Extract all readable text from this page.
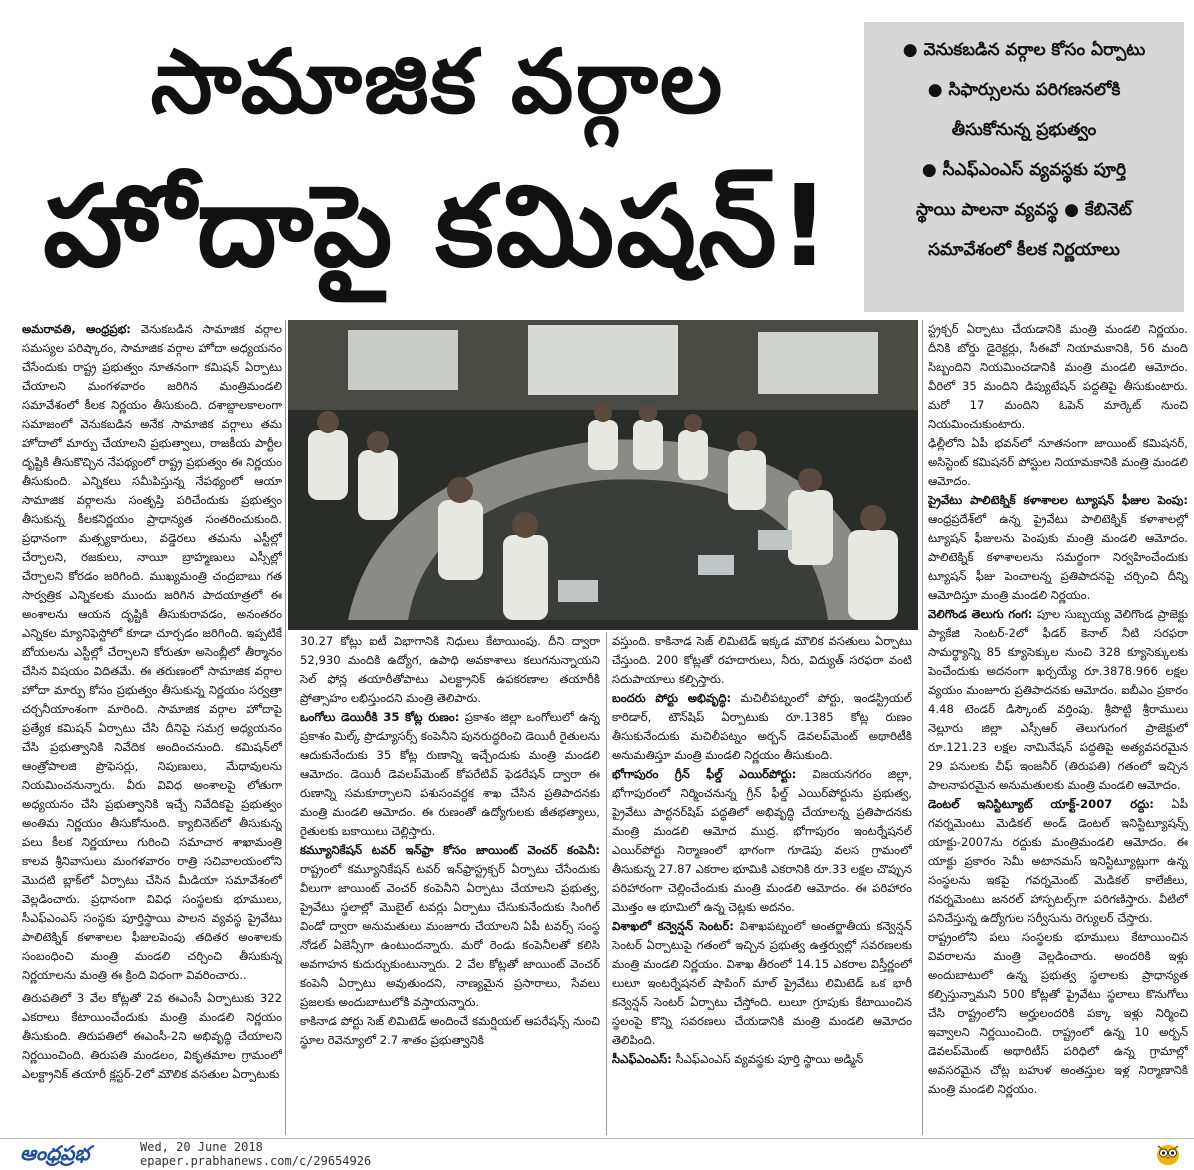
సామాజిక వర్గాల
హోదాపై కమిషన్!
● వెనుకబడిన వర్గాల కోసం ఏర్పాటు
● సిఫార్సులను పరిగణనలోకి
తీసుకోనున్న ప్రభుత్వం
● సీఎఫ్ఎంఎస్ వ్యవస్థకు పూర్తి
స్థాయి పాలనా వ్యవస్థ ● కేబినెట్
సమావేశంలో కీలక నిర్ణయాలు

అమరావతి, ఆంధ్రప్రభ: వెనుకబడిన సామాజిక వర్గాల సమస్యల పరిష్కారం, సామాజిక వర్గాల హోదా అధ్యయనం చేసేందుకు రాష్ట్ర ప్రభుత్వం నూతనంగా కమిషన్ ఏర్పాటు చేయాలని మంగళవారం జరిగిన మంత్రిమండలి సమావేశంలో కీలక నిర్ణయం తీసుకుంది. దశాబ్దాలకాలంగా సమాజంలో వెనుకబడిన అనేక సామాజిక వర్గాలు తమ హోదాలో మార్పు చేయాలని ప్రభుత్వాలు, రాజకీయ పార్టీల దృష్టికి తీసుకొచ్చిన నేపథ్యంలో రాష్ట్ర ప్రభుత్వం ఈ నిర్ణయం తీసుకుంది. ఎన్నికలు సమీపిస్తున్న నేపథ్యంలో ఆయా సామాజిక వర్గాలను సంతృప్తి పరిచేందుకు ప్రభుత్వం తీసుకున్న కీలకనిర్ణయం ప్రాధాన్యత సంతరించుకుంది. ప్రధానంగా మత్స్యకారులు, వడ్డెరలు తమను ఎస్టీల్లో చేర్చాలని, రజకులు, నాయీ బ్రాహ్మణులు ఎస్సీల్లో చేర్చాలని కోరడం జరిగింది. ముఖ్యమంత్రి చంద్రబాబు గత సార్వత్రిక ఎన్నికలకు ముందు జరిగిన పాదయాత్రలో ఈ అంశాలను ఆయన దృష్టికి తీసుకురావడం, అనంతరం ఎన్నికల మ్యానిఫెస్టోలో కూడా చూర్చడం జరిగింది. ఇప్పటికే బోయలను ఎస్టీల్లో చేర్చాలని కోరుతూ అసెంబ్లీలో తీర్మానం చేసిన విషయం విదితమే. ఈ తరుణంలో సామాజిక వర్గాల హోదా మార్పు కోసం ప్రభుత్వం తీసుకున్న నిర్ణయం సర్వత్రా చర్చనీయాంశంగా మారింది. సామాజిక వర్గాల హోదాపై ప్రత్యేక కమిషన్ ఏర్పాటు చేసి దీనిపై సమగ్ర అధ్యయనం చేసి ప్రభుత్వానికి నివేదిక అందించనుంది. కమిషన్‌లో ఆంత్రోపాలజి ప్రొఫెసర్లు, నిపుణులు, మేధావులను నియమించనున్నారు. వీరు వివిధ అంశాలపై లోతుగా అధ్యయనం చేసి ప్రభుత్వానికి ఇచ్చే నివేదికపై ప్రభుత్వం అంతిమ నిర్ణయం తీసుకోనుంది. క్యాబినెట్‌లో తీసుకున్న పలు కీలక నిర్ణయాలు గురించి సమాచార శాఖామంత్రి కాలవ శ్రీనివాసులు మంగళవారం రాత్రి సచివాలయంలోని మొదటి బ్లాక్‌లో ఏర్పాటు చేసిన మీడియా సమావేశంలో వెల్లడించారు. ప్రధానంగా వివిధ సంస్థలకు భూములు, సీఎఫ్ఎంఎస్ సంస్థకు పూర్తిస్థాయి పాలన వ్యవస్థ ప్రైవేటు పాలిటెక్నిక్ కళాశాలల ఫీజులపెంపు తదితర అంశాలకు సంబంధించి మంత్రి మండలి చర్చించి తీసుకున్న నిర్ణయాలను మంత్రి ఈ క్రింది విధంగా వివరించారు..

తిరుపతిలో 3 వేల కోట్లతో 2వ ఈఎంసీ ఏర్పాటుకు 322 ఎకరాలు కేటాయించేందుకు మంత్రి మండలి నిర్ణయం తీసుకుంది. తిరుపతిలో ఈఎంసీ-2ని అభివృద్ధి చేయాలని నిర్ణయించింది. తిరుపతి మండలం, వికృతమాల గ్రామంలో ఎలక్ట్రానిక్ తయారీ క్లస్టర్-2లో మౌలిక వసతుల ఏర్పాటుకు

30.27 కోట్లు ఐటీ విభాగానికి నిధులు కేటాయింపు. దీని ద్వారా 52,930 మందికి ఉద్యోగ, ఉపాధి అవకాశాలు కలుగనున్నాయని సెల్ ఫోన్ల తయారీతోపాటు ఎలక్ట్రానిక్ ఉపకరణాల తయారీకి ప్రోత్సాహం లభిస్తుందని మంత్రి తెలిపారు.

ఒంగోలు డెయిరీకి 35 కోట్ల రుణం: ప్రకాశం జిల్లా ఒంగోలులో ఉన్న ప్రకాశం మిల్క్ ప్రొడ్యూసర్స్ కంపెనీని పునరుద్ధరించి డెయిరీ రైతులను ఆదుకునేందుకు 35 కోట్ల రుణాన్ని ఇచ్చేందుకు మంత్రి మండలి ఆమోదం. డెయిరీ డెవలప్‌మెంట్ కోపరేటివ్ ఫెడరేషన్ ద్వారా ఈ రుణాన్ని సమకూర్చాలని పశుసంవర్ధక శాఖ చేసిన ప్రతిపాదనకు మంత్రి మండలి ఆమోదం. ఈ రుణంతో ఉద్యోగులకు జీతభత్యాలు, రైతులకు బకాయిలు చెల్లిస్తారు.

కమ్యూనికేషన్ టవర్ ఇన్‌ఫ్రా కోసం జాయింట్ వెంచర్ కంపెనీ: రాష్ట్రంలో కమ్యూనికేషన్ టవర్ ఇన్‌ఫ్రాస్ట్రక్చర్ ఏర్పాటు చేసేందుకు వీలుగా జాయింట్ వెంచర్ కంపెనీని ఏర్పాటు చేయాలని ప్రభుత్వ, ప్రైవేటు స్థలాల్లో మొబైల్ టవర్లు ఏర్పాటు చేసుకునేందుకు సింగిల్ విండో ద్వారా అనుమతులు మంజూరు చేయాలని ఏపీ టవర్స్ సంస్థ నోడల్ ఏజెన్సీగా ఉంటుందన్నారు. మరో రెండు కంపెనీలతో కలిసి అవగాహన కుదుర్చుకుంటున్నారు. 2 వేల కోట్లతో జాయింట్ వెంచర్ కంపెనీ ఏర్పాటు అవుతుందని, నాణ్యమైన ప్రసారాలు, సేవలు ప్రజలకు అందుబాటులోకి వస్తాయన్నారు.

కాకినాడ పోర్టు సెజ్ లిమిటెడ్ అందించే కమర్షియల్ ఆపరేషన్స్ నుంచి స్థూల రెవెన్యూలో 2.7 శాతం ప్రభుత్వానికి

వస్తుంది. కాకినాడ సెజ్ లిమిటెడ్ ఇక్కడ మౌలిక వసతులు ఏర్పాటు చేస్తుంది. 200 కోట్లతో రహదారులు, నీరు, విద్యుత్ సరఫరా వంటి సదుపాయాలు కల్పిస్తారు.

బందరు పోర్టు అభివృద్ధి: మచిలీపట్నంలో పోర్టు, ఇండస్ట్రియల్ కారిడార్, టౌన్‌షిప్ ఏర్పాటుకు రూ.1385 కోట్ల రుణం తీసుకునేందుకు మచిలీపట్నం అర్బన్ డెవలప్‌మెంట్ అథారిటీకి అనుమతిస్తూ మంత్రి మండలి నిర్ణయం తీసుకుంది.

భోగాపురం గ్రీన్ ఫీల్డ్ ఎయిర్‌పోర్టు: విజయనగరం జిల్లా, భోగాపురంలో నిర్మించనున్న గ్రీన్ ఫీల్డ్ ఎయిర్‌పోర్టును ప్రభుత్వ, ప్రైవేటు పార్టనర్‌షిప్ పద్ధతిలో అభివృద్ధి చేయాలన్న ప్రతిపాదనకు మంత్రి మండలి ఆమోద ముద్ర. భోగాపురం ఇంటర్నేషనల్ ఎయిర్‌పోర్టు నిర్మాణంలో భాగంగా గూడెపు వలస గ్రామంలో తీసుకున్న 27.87 ఎకరాల భూమికి ఎకరానికి రూ.33 లక్షల చొప్పున పరిహారంగా చెల్లించేందుకు మంత్రి మండలి ఆమోదం. ఈ పరిహారం మొత్తం ఆ భూమిలో ఉన్న చెట్లకు అదనం.

విశాఖలో కన్వెన్షన్ సెంటర్: విశాఖపట్నంలో అంతర్జాతీయ కన్వెన్షన్ సెంటర్ ఏర్పాటుపై గతంలో ఇచ్చిన ప్రభుత్వ ఉత్తర్వుల్లో సవరణలకు మంత్రి మండలి నిర్ణయం. విశాఖ తీరంలో 14.15 ఎకరాల విస్తీర్ణంలో లులూ ఇంటర్నేషనల్ షాపింగ్ మాల్ ప్రైవేటు లిమిటెడ్ ఒక భారీ కన్వెన్షన్ సెంటర్ ఏర్పాటు చేస్తోంది. లులూ గ్రూపుకు కేటాయించిన స్థలంపై కొన్ని సవరణలు చేయడానికి మంత్రి మండలి ఆమోదం తెలిపింది.

సీఎఫ్ఎంఎస్: సీఎఫ్ఎంఎస్ వ్యవస్థకు పూర్తి స్థాయి అడ్మిన్

స్ట్రక్చర్ ఏర్పాటు చేయడానికి మంత్రి మండలి నిర్ణయం. దీనికి బోర్డు డైరెక్టర్లు, సీఈవో నియామకానికి, 56 మంది సిబ్బందిని నియమించడానికి మంత్రి మండలి ఆమోదం. వీరిలో 35 మందిని డిప్యుటేషన్ పద్ధతిపై తీసుకుంటారు. మరో 17 మందిని ఓపెన్ మార్కెట్ నుంచి నియమించుకుంటారు.

ఢిల్లీలోని ఏపీ భవన్‌లో నూతనంగా జాయింట్ కమిషనర్, అసిస్టెంట్ కమిషనర్ పోస్టుల నియామకానికి మంత్రి మండలి ఆమోదం.

ప్రైవేటు పాలిటెక్నిక్ కళాశాలల ట్యూషన్ ఫీజుల పెంపు: ఆంధ్రప్రదేశ్‌లో ఉన్న ప్రైవేటు పాలిటెక్నిక్ కళాశాలల్లో ట్యూషన్ ఫీజులను పెంపుకు మంత్రి మండలి ఆమోదం. పాలిటెక్నిక్ కళాశాలలను సమర్థంగా నిర్వహించేందుకు ట్యూషన్ ఫీజు పెంచాలన్న ప్రతిపాదనపై చర్చించి దీన్ని ఆమోదిస్తూ మంత్రి మండలి నిర్ణయం.

వెలిగొండ తెలుగు గంగ: పూల సుబ్బయ్య వెలిగొండ ప్రాజెక్టు ప్యాకేజి సెంటర్-2లో ఫీడర్ కెనాల్ నీటి సరఫరా సామర్థ్యాన్ని 85 క్యూసెక్కుల నుంచి 328 క్యూసెక్కులకు పెంచేందుకు అదనంగా ఖర్చయ్యే రూ.3878.966 లక్షల వ్యయం మంజూరు ప్రతిపాదనకు ఆమోదం. ఐబీఎం ప్రకారం 4.48 టెండర్ డిస్కౌంట్ వర్తింపు. శ్రీపొట్టి శ్రీరాములు నెల్లూరు జిల్లా ఎస్సీఆర్ తెలుగుగంగ ప్రాజెక్టులో రూ.121.23 లక్షల నామినేషన్ పద్ధతిపై అత్యవసరమైన 29 పనులకు చీఫ్ ఇంజనీర్ (తిరుపతి) గతంలో ఇచ్చిన పాలనాపరమైన అనుమతులకు మంత్రి మండలి ఆమోదం.

డెంటల్ ఇనిస్టిట్యూట్ యాక్ట్-2007 రద్దు: ఏపీ గవర్నమెంటు మెడికల్ అండ్ డెంటల్ ఇనిస్టిట్యూషన్స్ యాక్టు-2007ను రద్దుకు మంత్రిమండలి ఆమోదం. ఈ యాక్టు ప్రకారం సెమీ అటానమస్ ఇనిస్టిట్యూట్లుగా ఉన్న సంస్థలను ఇకపై గవర్నమెంట్ మెడికల్ కాలేజీలు, గవర్నమెంటు జనరల్ హాస్పటల్స్‌గా పరిగణిస్తారు. వీటిలో పనిచేస్తున్న ఉద్యోగుల సర్వీసును రెగ్యులర్ చేస్తారు.

రాష్ట్రంలోని పలు సంస్థలకు భూములు కేటాయించిన వివరాలను మంత్రి వెల్లడించారు. అందరికి ఇళ్లు అందుబాటులో ఉన్న ప్రభుత్వ స్థలాలకు ప్రాధాన్యత కల్పిస్తున్నామని 500 కోట్లతో ప్రైవేటు స్థలాలు కొనుగోలు చేసి రాష్ట్రంలోని అర్హులందరికి పక్కా ఇళ్లు నిర్మించి ఇవ్వాలని నిర్ణయించింది. రాష్ట్రంలో ఉన్న 10 అర్బన్ డెవలప్‌మెంట్ అథారిటీస్ పరిధిలో ఉన్న గ్రామాల్లో అవసరమైన చోట్ల బహుళ అంతస్తుల ఇళ్ల నిర్మాణానికి మంత్రి మండలి నిర్ణయం.

ఆంధ్రప్రభ	Wed, 20 June 2018
epaper.prabhanews.com/c/29654926
